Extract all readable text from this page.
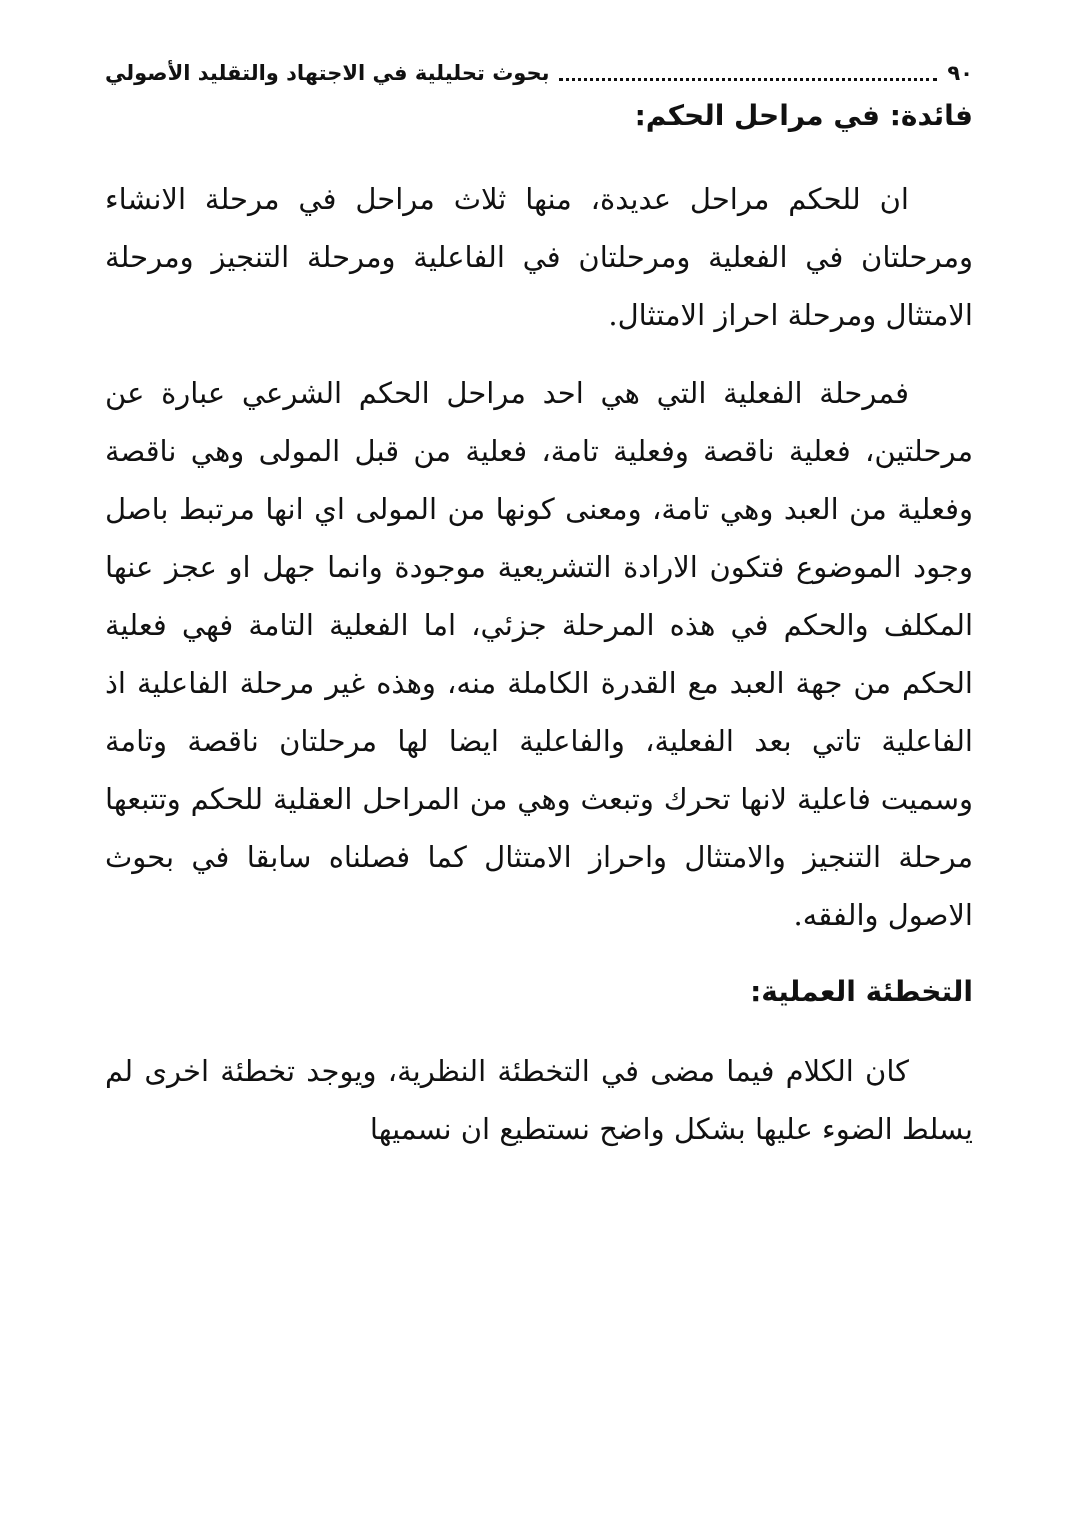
٩٠
بحوث تحليلية في الاجتهاد والتقليد الأصولي
فائدة: في مراحل الحكم:

ان للحكم مراحل عديدة، منها ثلاث مراحل في مرحلة الانشاء ومرحلتان في الفعلية ومرحلتان في الفاعلية ومرحلة التنجيز ومرحلة الامتثال ومرحلة احراز الامتثال.

فمرحلة الفعلية التي هي احد مراحل الحكم الشرعي عبارة عن مرحلتين، فعلية ناقصة وفعلية تامة، فعلية من قبل المولى وهي ناقصة وفعلية من العبد وهي تامة، ومعنى كونها من المولى اي انها مرتبط باصل وجود الموضوع فتكون الارادة التشريعية موجودة وانما جهل او عجز عنها المكلف والحكم في هذه المرحلة جزئي، اما الفعلية التامة فهي فعلية الحكم من جهة العبد مع القدرة الكاملة منه، وهذه غير مرحلة الفاعلية اذ الفاعلية تاتي بعد الفعلية، والفاعلية ايضا لها مرحلتان ناقصة وتامة وسميت فاعلية لانها تحرك وتبعث وهي من المراحل العقلية للحكم وتتبعها مرحلة التنجيز والامتثال واحراز الامتثال كما فصلناه سابقا في بحوث الاصول والفقه.

التخطئة العملية:

كان الكلام فيما مضى في التخطئة النظرية، ويوجد تخطئة اخرى لم يسلط الضوء عليها بشكل واضح نستطيع ان نسميها
